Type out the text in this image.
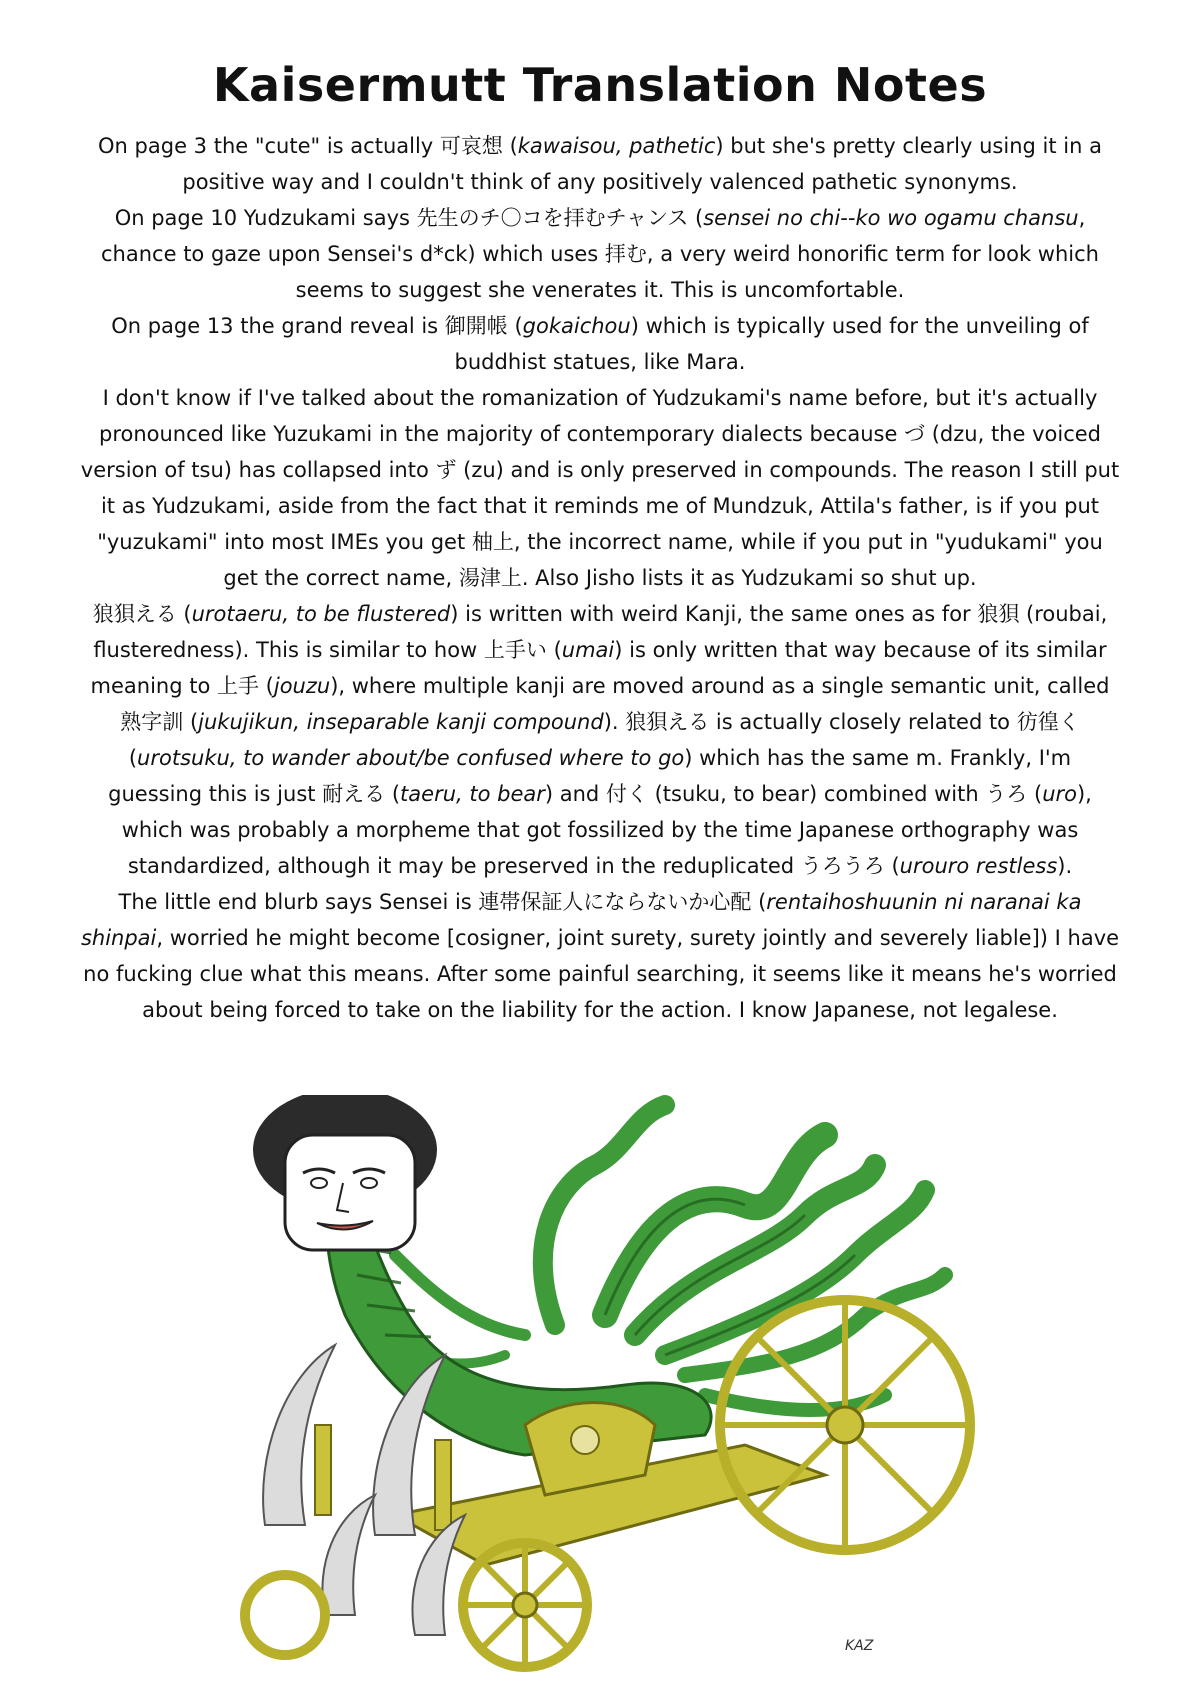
Kaisermutt Translation Notes

On page 3 the "cute" is actually 可哀想 (kawaisou, pathetic) but she's pretty clearly using it in a positive way and I couldn't think of any positively valenced pathetic synonyms.

On page 10 Yudzukami says 先生のチ〇コを拝むチャンス (sensei no chi--ko wo ogamu chansu, chance to gaze upon Sensei's d*ck) which uses 拝む, a very weird honorific term for look which seems to suggest she venerates it. This is uncomfortable.

On page 13 the grand reveal is 御開帳 (gokaichou) which is typically used for the unveiling of buddhist statues, like Mara.

I don't know if I've talked about the romanization of Yudzukami's name before, but it's actually pronounced like Yuzukami in the majority of contemporary dialects because づ (dzu, the voiced version of tsu) has collapsed into ず (zu) and is only preserved in compounds. The reason I still put it as Yudzukami, aside from the fact that it reminds me of Mundzuk, Attila's father, is if you put "yuzukami" into most IMEs you get 柚上, the incorrect name, while if you put in "yudukami" you get the correct name, 湯津上. Also Jisho lists it as Yudzukami so shut up.

狼狽える (urotaeru, to be flustered) is written with weird Kanji, the same ones as for 狼狽 (roubai, flusteredness). This is similar to how 上手い (umai) is only written that way because of its similar meaning to 上手 (jouzu), where multiple kanji are moved around as a single semantic unit, called 熟字訓 (jukujikun, inseparable kanji compound). 狼狽える is actually closely related to 彷徨く (urotsuku, to wander about/be confused where to go) which has the same m. Frankly, I'm guessing this is just 耐える (taeru, to bear) and 付く (tsuku, to bear) combined with うろ (uro), which was probably a morpheme that got fossilized by the time Japanese orthography was standardized, although it may be preserved in the reduplicated うろうろ (urouro restless).

The little end blurb says Sensei is 連帯保証人にならないか心配 (rentaihoshuunin ni naranai ka shinpai, worried he might become [cosigner, joint surety, surety jointly and severely liable]) I have no fucking clue what this means. After some painful searching, it seems like it means he's worried about being forced to take on the liability for the action. I know Japanese, not legalese.

KAZ
